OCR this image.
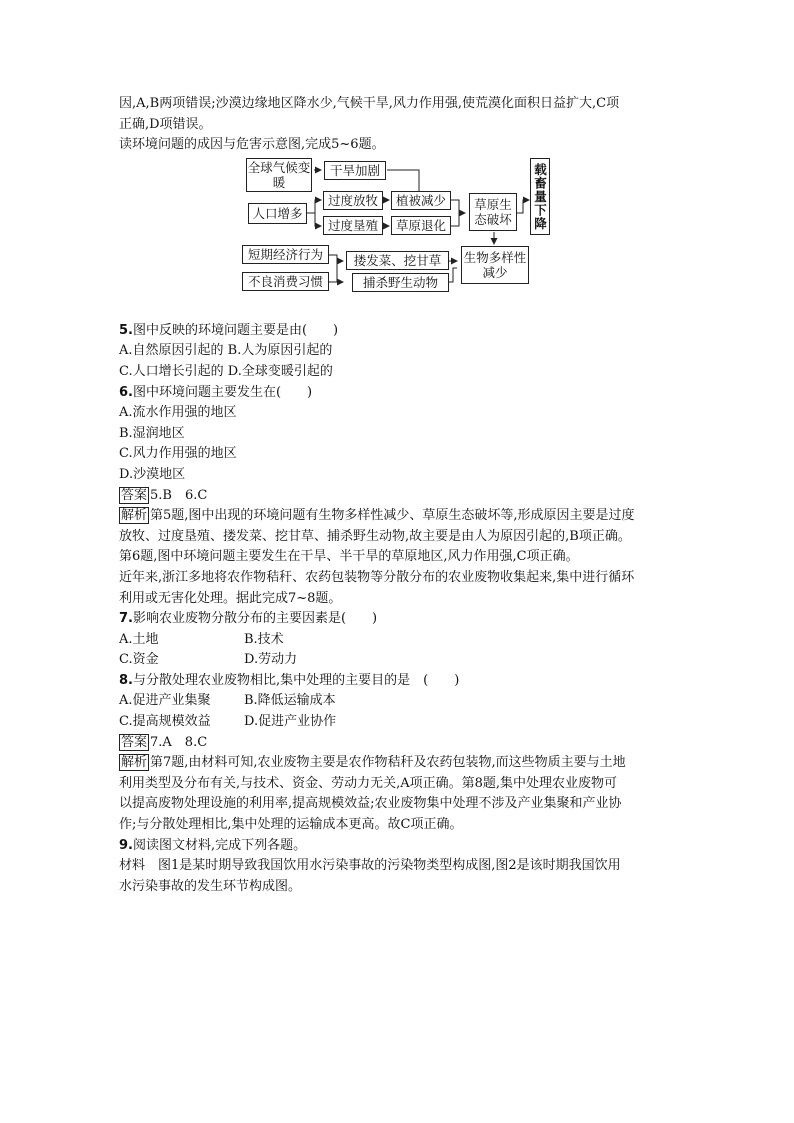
因,A,B两项错误;沙漠边缘地区降水少,气候干旱,风力作用强,使荒漠化面积日益扩大,C项
正确,D项错误。
读环境问题的成因与危害示意图,完成5~6题。
全球气候变暖
干旱加剧
人口增多
过度放牧
过度垦殖
植被减少
草原退化
草原生态破坏	载畜量下降
短期经济行为
不良消费习惯
搂发菜、挖甘草
捕杀野生动物
生物多样性减少
5.图中反映的环境问题主要是由(　　)
A.自然原因引起的 B.人为原因引起的
C.人口增长引起的 D.全球变暖引起的
6.图中环境问题主要发生在(　　)
A.流水作用强的地区
B.湿润地区
C.风力作用强的地区
D.沙漠地区
答案 5.B　6.C
解析 第5题,图中出现的环境问题有生物多样性减少、草原生态破坏等,形成原因主要是过度
放牧、过度垦殖、搂发菜、挖甘草、捕杀野生动物,故主要是由人为原因引起的,B项正确。
第6题,图中环境问题主要发生在干旱、半干旱的草原地区,风力作用强,C项正确。
近年来,浙江多地将农作物秸秆、农药包装物等分散分布的农业废物收集起来,集中进行循环
利用或无害化处理。据此完成7~8题。
7.影响农业废物分散分布的主要因素是(　　)
A.土地	B.技术
C.资金	D.劳动力
8.与分散处理农业废物相比,集中处理的主要目的是　(　　)
A.促进产业集聚	B.降低运输成本
C.提高规模效益	D.促进产业协作
答案 7.A　8.C
解析 第7题,由材料可知,农业废物主要是农作物秸秆及农药包装物,而这些物质主要与土地
利用类型及分布有关,与技术、资金、劳动力无关,A项正确。第8题,集中处理农业废物可
以提高废物处理设施的利用率,提高规模效益;农业废物集中处理不涉及产业集聚和产业协
作;与分散处理相比,集中处理的运输成本更高。故C项正确。
9.阅读图文材料,完成下列各题。
材料　图1是某时期导致我国饮用水污染事故的污染物类型构成图,图2是该时期我国饮用
水污染事故的发生环节构成图。
